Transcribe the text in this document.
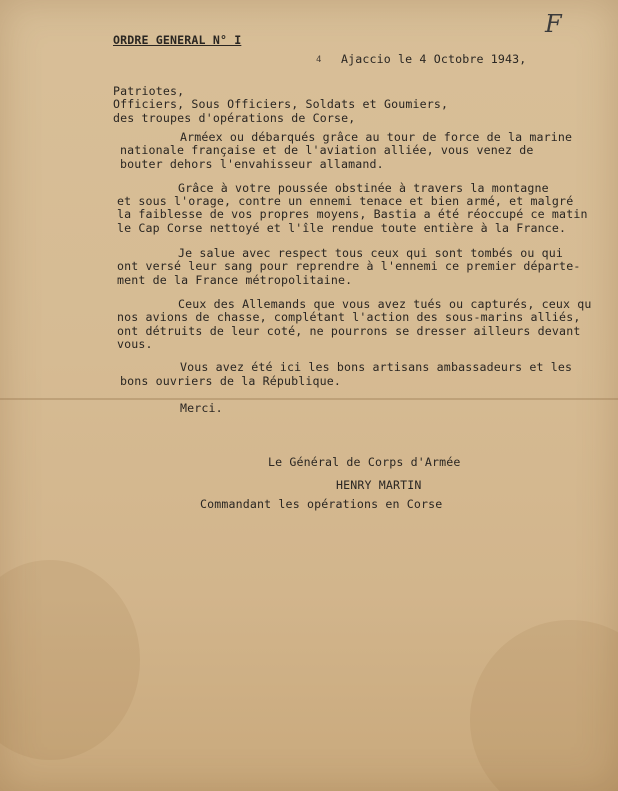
F
ORDRE GENERAL N° I
4 Ajaccio le 4 Octobre 1943,
Patriotes,
Officiers, Sous Officiers, Soldats et Goumiers,
des troupes d'opérations de Corse,
Arméex ou débarqués grâce au tour de force de la marine
nationale française et de l'aviation alliée, vous venez de
bouter dehors l'envahisseur allamand.
Grâce à votre poussée obstinée à travers la montagne
et sous l'orage, contre un ennemi tenace et bien armé, et malgré
la faiblesse de vos propres moyens, Bastia a été réoccupé ce matin
le Cap Corse nettoyé et l'île rendue toute entière à la France.
Je salue avec respect tous ceux qui sont tombés ou qui
ont versé leur sang pour reprendre à l'ennemi ce premier départe-
ment de la France métropolitaine.
Ceux des Allemands que vous avez tués ou capturés, ceux qu
nos avions de chasse, complétant l'action des sous-marins alliés,
ont détruits de leur coté, ne pourrons se dresser ailleurs devant
vous.
Vous avez été ici les bons artisans ambassadeurs et les
bons ouvriers de la République.
Merci.
Le Général de Corps d'Armée
HENRY MARTIN
Commandant les opérations en Corse
